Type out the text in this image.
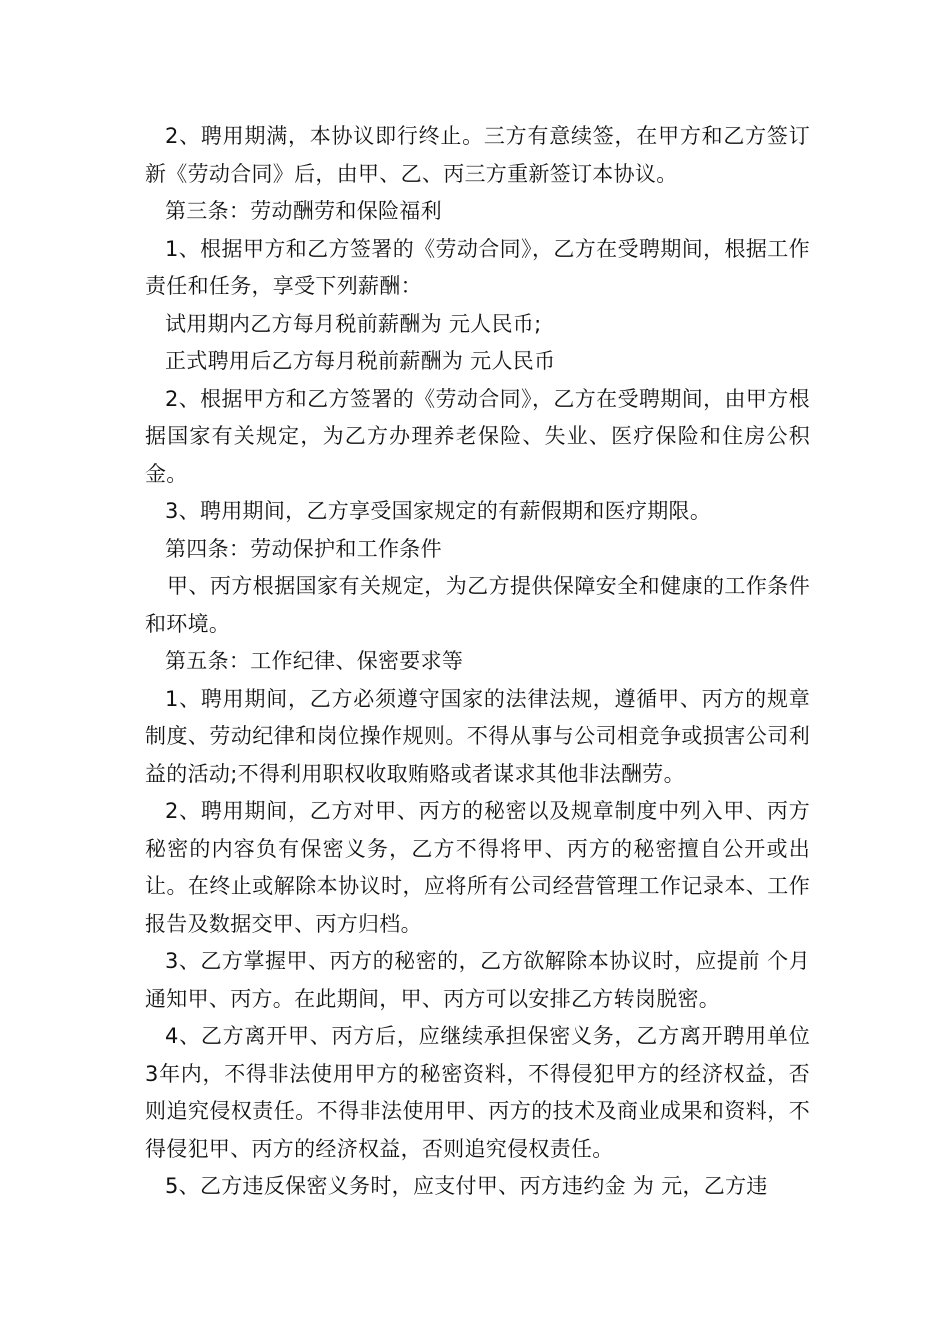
2、聘用期满，本协议即行终止。三方有意续签，在甲方和乙方签订新《劳动合同》后，由甲、乙、丙三方重新签订本协议。

第三条：劳动酬劳和保险福利

1、根据甲方和乙方签署的《劳动合同》，乙方在受聘期间，根据工作责任和任务，享受下列薪酬：

试用期内乙方每月税前薪酬为 元人民币;

正式聘用后乙方每月税前薪酬为 元人民币

2、根据甲方和乙方签署的《劳动合同》，乙方在受聘期间，由甲方根据国家有关规定，为乙方办理养老保险、失业、医疗保险和住房公积金。

3、聘用期间，乙方享受国家规定的有薪假期和医疗期限。

第四条：劳动保护和工作条件

甲、丙方根据国家有关规定，为乙方提供保障安全和健康的工作条件和环境。

第五条：工作纪律、保密要求等

1、聘用期间，乙方必须遵守国家的法律法规，遵循甲、丙方的规章制度、劳动纪律和岗位操作规则。不得从事与公司相竞争或损害公司利益的活动;不得利用职权收取贿赂或者谋求其他非法酬劳。

2、聘用期间，乙方对甲、丙方的秘密以及规章制度中列入甲、丙方秘密的内容负有保密义务，乙方不得将甲、丙方的秘密擅自公开或出让。在终止或解除本协议时，应将所有公司经营管理工作记录本、工作报告及数据交甲、丙方归档。

3、乙方掌握甲、丙方的秘密的，乙方欲解除本协议时，应提前 个月通知甲、丙方。在此期间，甲、丙方可以安排乙方转岗脱密。

4、乙方离开甲、丙方后，应继续承担保密义务，乙方离开聘用单位3年内，不得非法使用甲方的秘密资料，不得侵犯甲方的经济权益，否则追究侵权责任。不得非法使用甲、丙方的技术及商业成果和资料，不得侵犯甲、丙方的经济权益，否则追究侵权责任。

5、乙方违反保密义务时，应支付甲、丙方违约金 为 元，乙方违
